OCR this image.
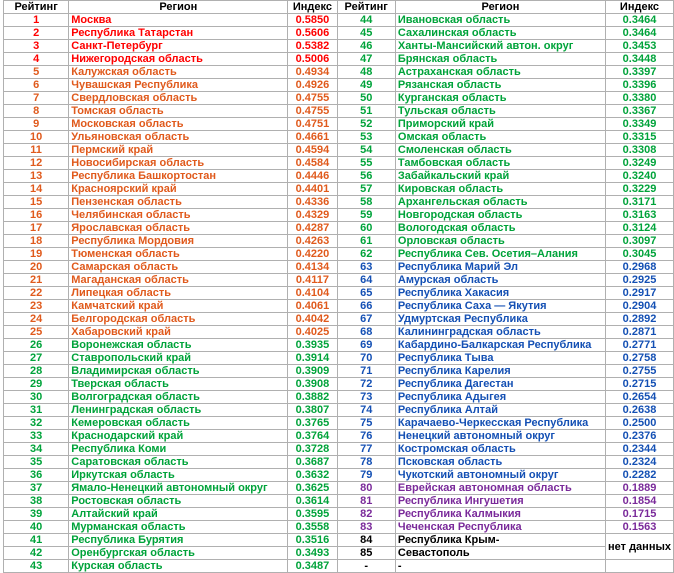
Рейтинг	Регион	Индекс	Рейтинг	Регион	Индекс
1	Москва	0.5850	44	Ивановская область	0.3464
2	Республика Татарстан	0.5606	45	Сахалинская область	0.3464
3	Санкт-Петербург	0.5382	46	Ханты-Мансийский автон. округ	0.3453
4	Нижегородская область	0.5006	47	Брянская область	0.3448
5	Калужская область	0.4934	48	Астраханская область	0.3397
6	Чувашская Республика	0.4926	49	Рязанская область	0.3396
7	Свердловская область	0.4755	50	Курганская область	0.3380
8	Томская область	0.4755	51	Тульская область	0.3367
9	Московская область	0.4751	52	Приморский край	0.3349
10	Ульяновская область	0.4661	53	Омская область	0.3315
11	Пермский край	0.4594	54	Смоленская область	0.3308
12	Новосибирская область	0.4584	55	Тамбовская область	0.3249
13	Республика Башкортостан	0.4446	56	Забайкальский край	0.3240
14	Красноярский край	0.4401	57	Кировская область	0.3229
15	Пензенская область	0.4336	58	Архангельская область	0.3171
16	Челябинская область	0.4329	59	Новгородская область	0.3163
17	Ярославская область	0.4287	60	Вологодская область	0.3124
18	Республика Мордовия	0.4263	61	Орловская область	0.3097
19	Тюменская область	0.4220	62	Республика Сев. Осетия–Алания	0.3045
20	Самарская область	0.4134	63	Республика Марий Эл	0.2968
21	Магаданская область	0.4117	64	Амурская область	0.2925
22	Липецкая область	0.4104	65	Республика Хакасия	0.2917
23	Камчатский край	0.4061	66	Республика Саха — Якутия	0.2904
24	Белгородская область	0.4042	67	Удмуртская Республика	0.2892
25	Хабаровский край	0.4025	68	Калининградская область	0.2871
26	Воронежская область	0.3935	69	Кабардино-Балкарская Республика	0.2771
27	Ставропольский край	0.3914	70	Республика Тыва	0.2758
28	Владимирская область	0.3909	71	Республика Карелия	0.2755
29	Тверская область	0.3908	72	Республика Дагестан	0.2715
30	Волгоградская область	0.3882	73	Республика Адыгея	0.2654
31	Ленинградская область	0.3807	74	Республика Алтай	0.2638
32	Кемеровская область	0.3765	75	Карачаево-Черкесская Республика	0.2500
33	Краснодарский край	0.3764	76	Ненецкий автономный округ	0.2376
34	Республика Коми	0.3728	77	Костромская область	0.2344
35	Саратовская область	0.3687	78	Псковская область	0.2324
36	Иркутская область	0.3632	79	Чукотский автономный округ	0.2282
37	Ямало-Ненецкий автономный округ	0.3625	80	Еврейская автономная область	0.1889
38	Ростовская область	0.3614	81	Республика Ингушетия	0.1854
39	Алтайский край	0.3595	82	Республика Калмыкия	0.1715
40	Мурманская область	0.3558	83	Чеченская Республика	0.1563
41	Республика Бурятия	0.3516	84	Республика Крым-	нет данных
42	Оренбургская область	0.3493	85	Севастополь	
43	Курская область	0.3487	-	-	
